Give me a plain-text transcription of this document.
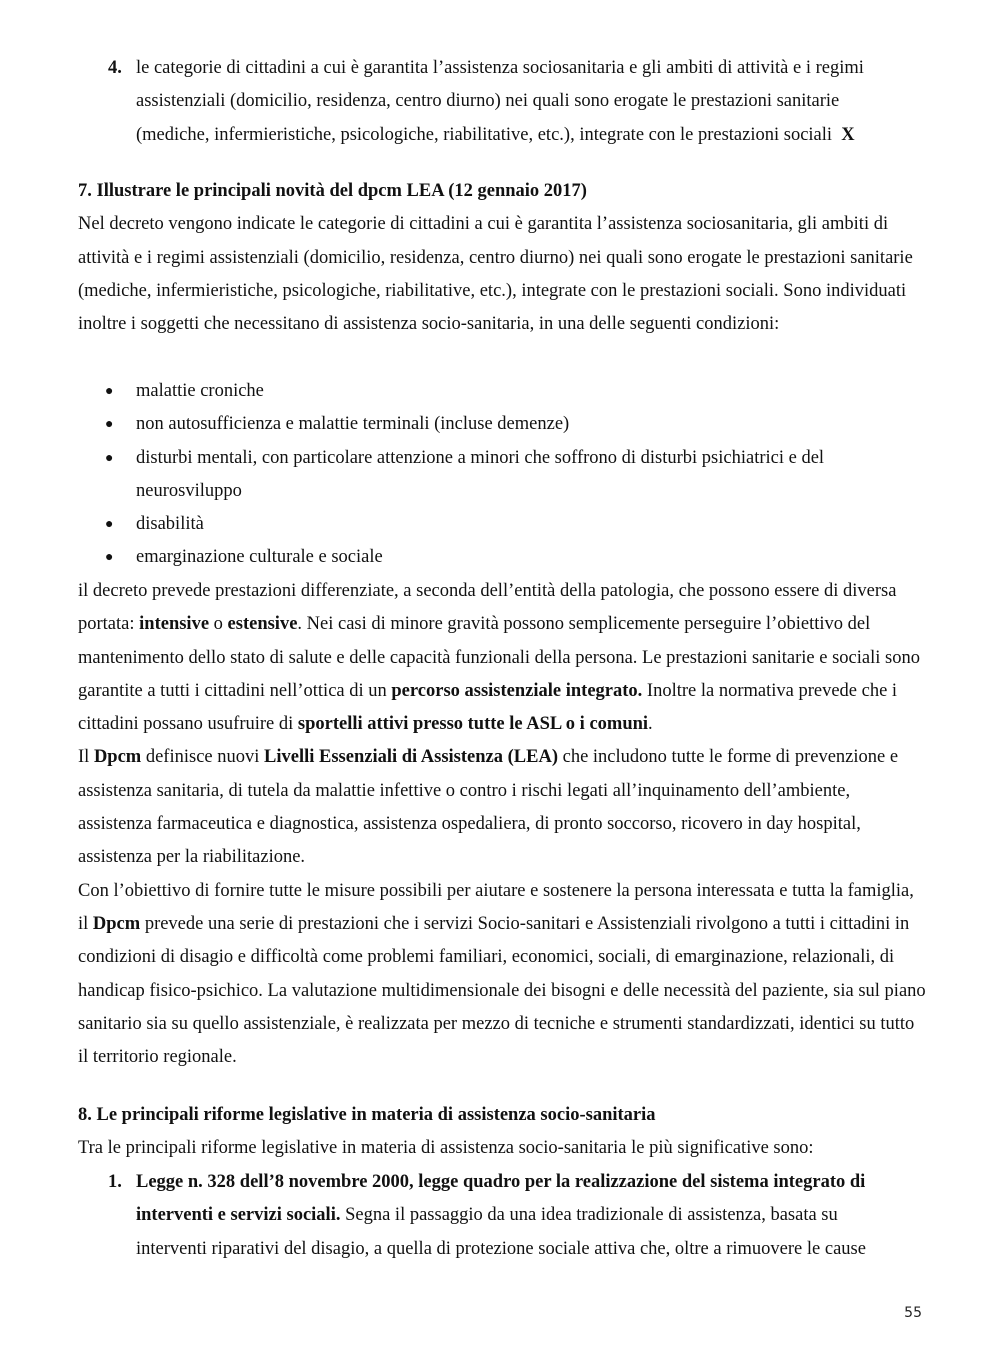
4. le categorie di cittadini a cui è garantita l’assistenza sociosanitaria e gli ambiti di attività e i regimi assistenziali (domicilio, residenza, centro diurno) nei quali sono erogate le prestazioni sanitarie (mediche, infermieristiche, psicologiche, riabilitative, etc.), integrate con le prestazioni sociali X
7. Illustrare le principali novità del dpcm LEA (12 gennaio 2017)
Nel decreto vengono indicate le categorie di cittadini a cui è garantita l’assistenza sociosanitaria, gli ambiti di attività e i regimi assistenziali (domicilio, residenza, centro diurno) nei quali sono erogate le prestazioni sanitarie (mediche, infermieristiche, psicologiche, riabilitative, etc.), integrate con le prestazioni sociali. Sono individuati inoltre i soggetti che necessitano di assistenza socio-sanitaria, in una delle seguenti condizioni:
● malattie croniche
● non autosufficienza e malattie terminali (incluse demenze)
● disturbi mentali, con particolare attenzione a minori che soffrono di disturbi psichiatrici e del neurosviluppo
● disabilità
● emarginazione culturale e sociale
il decreto prevede prestazioni differenziate, a seconda dell’entità della patologia, che possono essere di diversa portata: intensive o estensive. Nei casi di minore gravità possono semplicemente perseguire l’obiettivo del mantenimento dello stato di salute e delle capacità funzionali della persona. Le prestazioni sanitarie e sociali sono garantite a tutti i cittadini nell’ottica di un percorso assistenziale integrato. Inoltre la normativa prevede che i cittadini possano usufruire di sportelli attivi presso tutte le ASL o i comuni.
Il Dpcm definisce nuovi Livelli Essenziali di Assistenza (LEA) che includono tutte le forme di prevenzione e assistenza sanitaria, di tutela da malattie infettive o contro i rischi legati all’inquinamento dell’ambiente, assistenza farmaceutica e diagnostica, assistenza ospedaliera, di pronto soccorso, ricovero in day hospital, assistenza per la riabilitazione.
Con l’obiettivo di fornire tutte le misure possibili per aiutare e sostenere la persona interessata e tutta la famiglia, il Dpcm prevede una serie di prestazioni che i servizi Socio-sanitari e Assistenziali rivolgono a tutti i cittadini in condizioni di disagio e difficoltà come problemi familiari, economici, sociali, di emarginazione, relazionali, di handicap fisico-psichico. La valutazione multidimensionale dei bisogni e delle necessità del paziente, sia sul piano sanitario sia su quello assistenziale, è realizzata per mezzo di tecniche e strumenti standardizzati, identici su tutto il territorio regionale.
8. Le principali riforme legislative in materia di assistenza socio-sanitaria
Tra le principali riforme legislative in materia di assistenza socio-sanitaria le più significative sono:
1. Legge n. 328 dell’8 novembre 2000, legge quadro per la realizzazione del sistema integrato di interventi e servizi sociali. Segna il passaggio da una idea tradizionale di assistenza, basata su interventi riparativi del disagio, a quella di protezione sociale attiva che, oltre a rimuovere le cause
55
